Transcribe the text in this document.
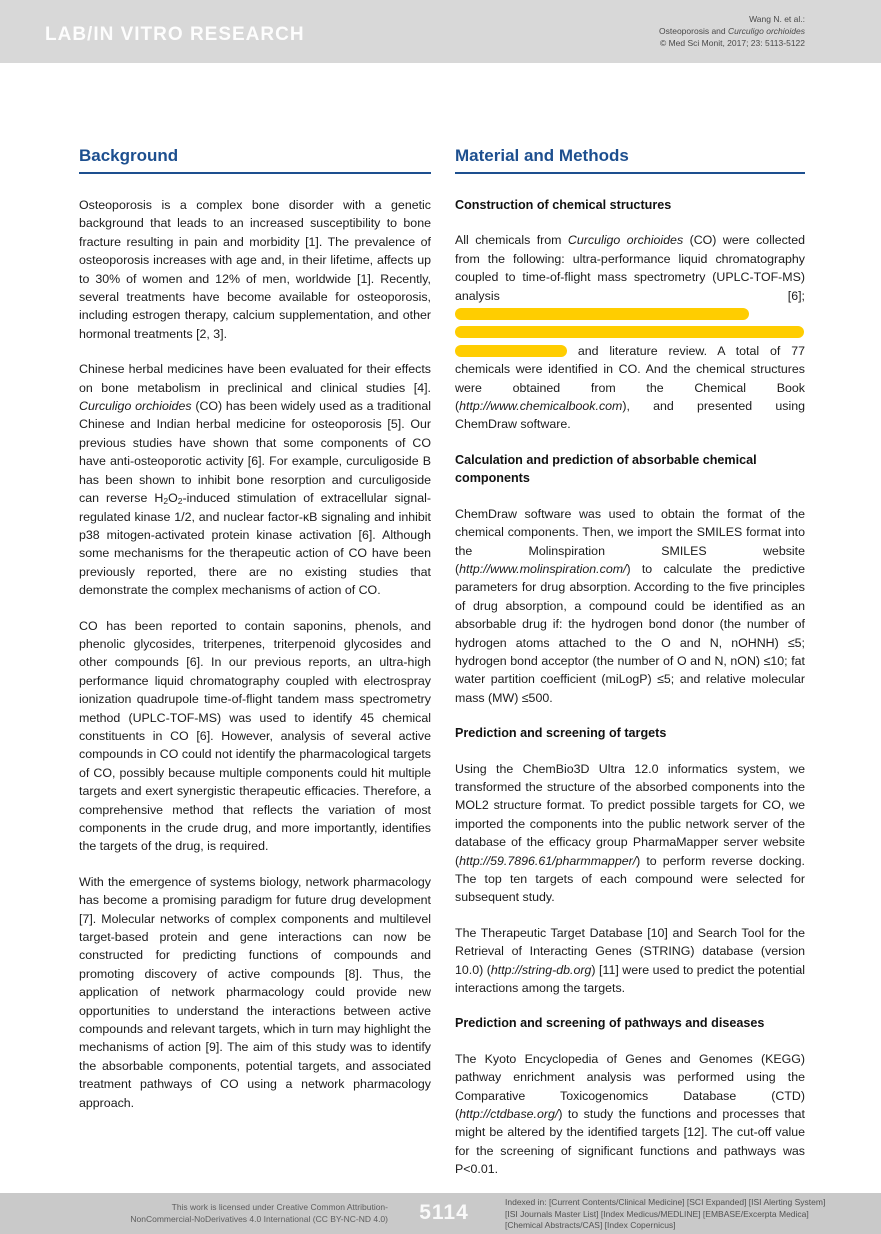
LAB/IN VITRO RESEARCH
Wang N. et al.:
Osteoporosis and Curculigo orchioides
© Med Sci Monit, 2017; 23: 5113-5122
Background

Osteoporosis is a complex bone disorder with a genetic background that leads to an increased susceptibility to bone fracture resulting in pain and morbidity [1]. The prevalence of osteoporosis increases with age and, in their lifetime, affects up to 30% of women and 12% of men, worldwide [1]. Recently, several treatments have become available for osteoporosis, including estrogen therapy, calcium supplementation, and other hormonal treatments [2, 3].

Chinese herbal medicines have been evaluated for their effects on bone metabolism in preclinical and clinical studies [4]. Curculigo orchioides (CO) has been widely used as a traditional Chinese and Indian herbal medicine for osteoporosis [5]. Our previous studies have shown that some components of CO have anti-osteoporotic activity [6]. For example, curculigoside B has been shown to inhibit bone resorption and curculigoside can reverse $H_2O_2$-induced stimulation of extracellular signal-regulated kinase 1/2, and nuclear factor-κB signaling and inhibit p38 mitogen-activated protein kinase activation [6]. Although some mechanisms for the therapeutic action of CO have been previously reported, there are no existing studies that demonstrate the complex mechanisms of action of CO.

CO has been reported to contain saponins, phenols, and phenolic glycosides, triterpenes, triterpenoid glycosides and other compounds [6]. In our previous reports, an ultra-high performance liquid chromatography coupled with electrospray ionization quadrupole time-of-flight tandem mass spectrometry method (UPLC-TOF-MS) was used to identify 45 chemical constituents in CO [6]. However, analysis of several active compounds in CO could not identify the pharmacological targets of CO, possibly because multiple components could hit multiple targets and exert synergistic therapeutic efficacies. Therefore, a comprehensive method that reflects the variation of most components in the crude drug, and more importantly, identifies the targets of the drug, is required.

With the emergence of systems biology, network pharmacology has become a promising paradigm for future drug development [7]. Molecular networks of complex components and multilevel target-based protein and gene interactions can now be constructed for predicting functions of compounds and promoting discovery of active compounds [8]. Thus, the application of network pharmacology could provide new opportunities to understand the interactions between active compounds and relevant targets, which in turn may highlight the mechanisms of action [9]. The aim of this study was to identify the absorbable components, potential targets, and associated treatment pathways of CO using a network pharmacology approach.

Material and Methods
Construction of chemical structures

All chemicals from Curculigo orchioides (CO) were collected from the following: ultra-performance liquid chromatography coupled to time-of-flight mass spectrometry (UPLC-TOF-MS) analysis [6];    and literature review. A total of 77 chemicals were identified in CO. And the chemical structures were obtained from the Chemical Book (http://www.chemicalbook.com), and presented using ChemDraw software.

Calculation and prediction of absorbable chemical components

ChemDraw software was used to obtain the format of the chemical components. Then, we import the SMILES format into the Molinspiration SMILES website (http://www.molinspiration.com/) to calculate the predictive parameters for drug absorption. According to the five principles of drug absorption, a compound could be identified as an absorbable drug if: the hydrogen bond donor (the number of hydrogen atoms attached to the O and N, nOHNH) ≤5; hydrogen bond acceptor (the number of O and N, nON) ≤10; fat water partition coefficient (miLogP) ≤5; and relative molecular mass (MW) ≤500.

Prediction and screening of targets

Using the ChemBio3D Ultra 12.0 informatics system, we transformed the structure of the absorbed components into the MOL2 structure format. To predict possible targets for CO, we imported the components into the public network server of the database of the efficacy group PharmaMapper server website (http://59.7896.61/pharmmapper/) to perform reverse docking. The top ten targets of each compound were selected for subsequent study.

The Therapeutic Target Database [10] and Search Tool for the Retrieval of Interacting Genes (STRING) database (version 10.0) (http://string-db.org) [11] were used to predict the potential interactions among the targets.

Prediction and screening of pathways and diseases

The Kyoto Encyclopedia of Genes and Genomes (KEGG) pathway enrichment analysis was performed using the Comparative Toxicogenomics Database (CTD) (http://ctdbase.org/) to study the functions and processes that might be altered by the identified targets [12]. The cut-off value for the screening of significant functions and pathways was P<0.01.

This work is licensed under Creative Common Attribution-
NonCommercial-NoDerivatives 4.0 International (CC BY-NC-ND 4.0)	5114	Indexed in: [Current Contents/Clinical Medicine] [SCI Expanded] [ISI Alerting System]
[ISI Journals Master List] [Index Medicus/MEDLINE] [EMBASE/Excerpta Medica]
[Chemical Abstracts/CAS] [Index Copernicus]
